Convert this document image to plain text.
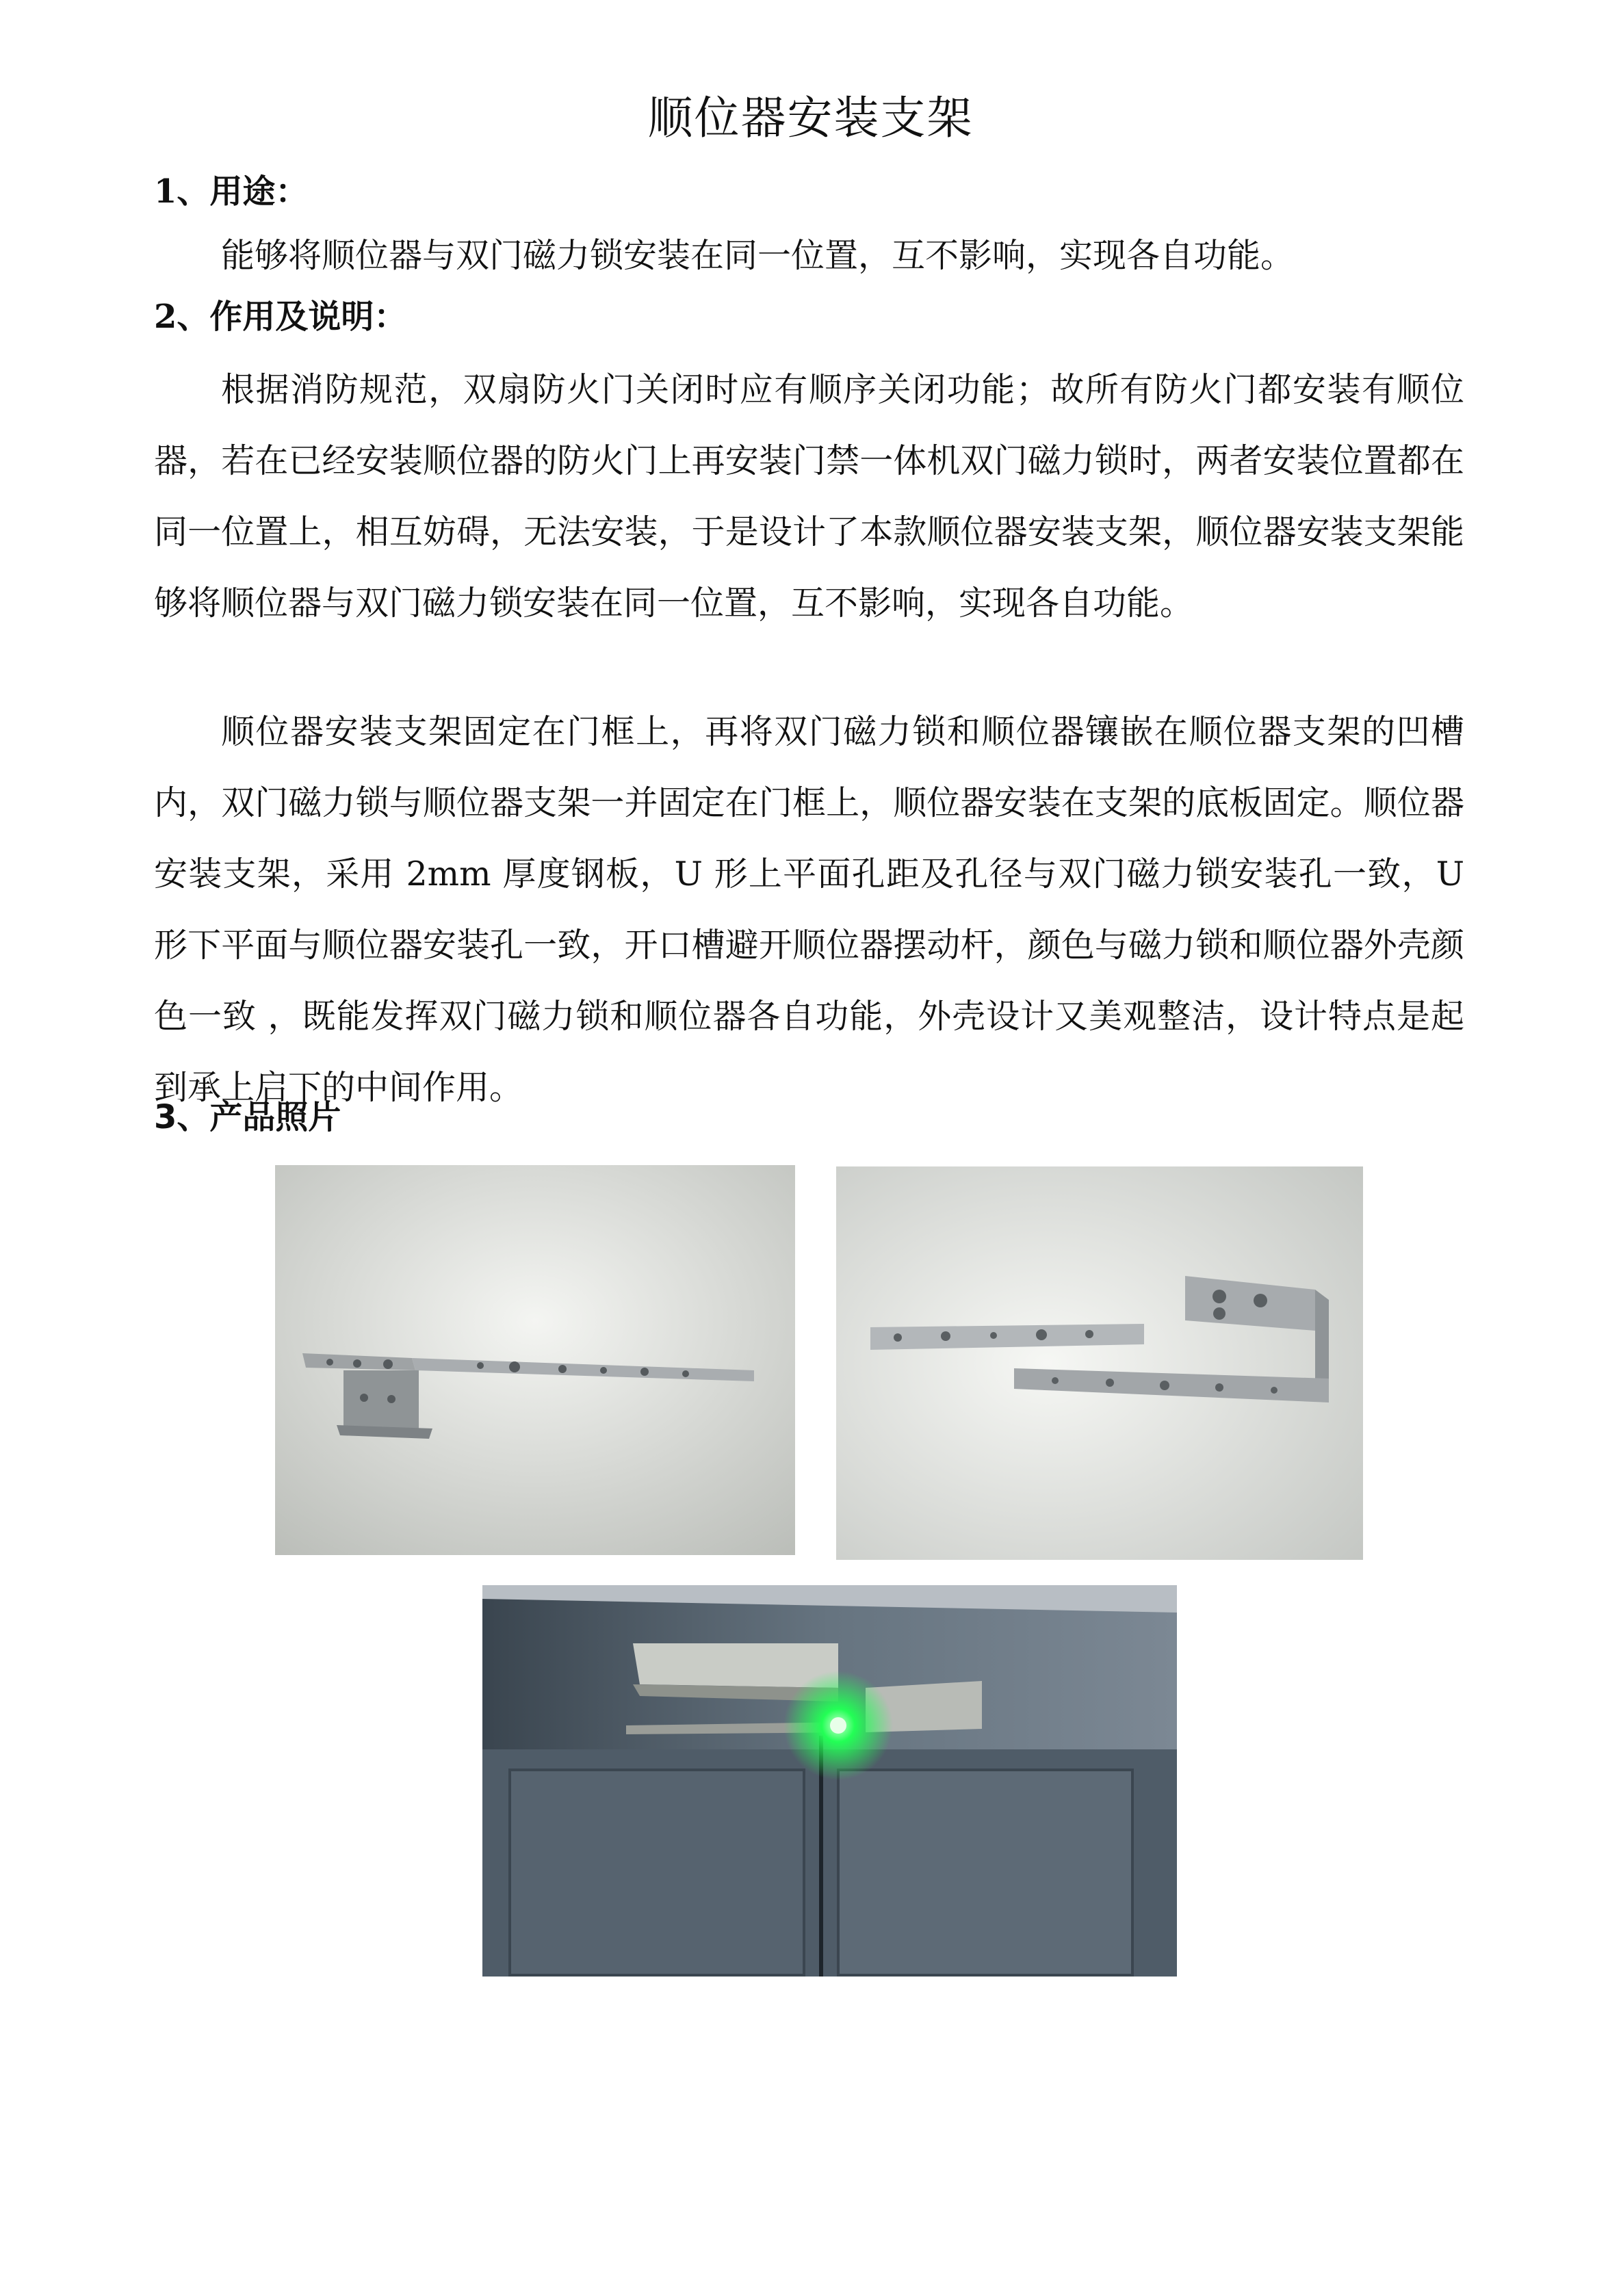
顺位器安装支架
1、用途：
能够将顺位器与双门磁力锁安装在同一位置，互不影响，实现各自功能。
2、作用及说明：
根据消防规范，双扇防火门关闭时应有顺序关闭功能；故所有防火门都安装有顺位器，若在已经安装顺位器的防火门上再安装门禁一体机双门磁力锁时，两者安装位置都在同一位置上，相互妨碍，无法安装，于是设计了本款顺位器安装支架，顺位器安装支架能够将顺位器与双门磁力锁安装在同一位置，互不影响，实现各自功能。
顺位器安装支架固定在门框上，再将双门磁力锁和顺位器镶嵌在顺位器支架的凹槽内，双门磁力锁与顺位器支架一并固定在门框上，顺位器安装在支架的底板固定。顺位器安装支架，采用 2mm 厚度钢板，U 形上平面孔距及孔径与双门磁力锁安装孔一致，U 形下平面与顺位器安装孔一致，开口槽避开顺位器摆动杆，颜色与磁力锁和顺位器外壳颜色一致 ，既能发挥双门磁力锁和顺位器各自功能，外壳设计又美观整洁，设计特点是起到承上启下的中间作用。
3、产品照片
